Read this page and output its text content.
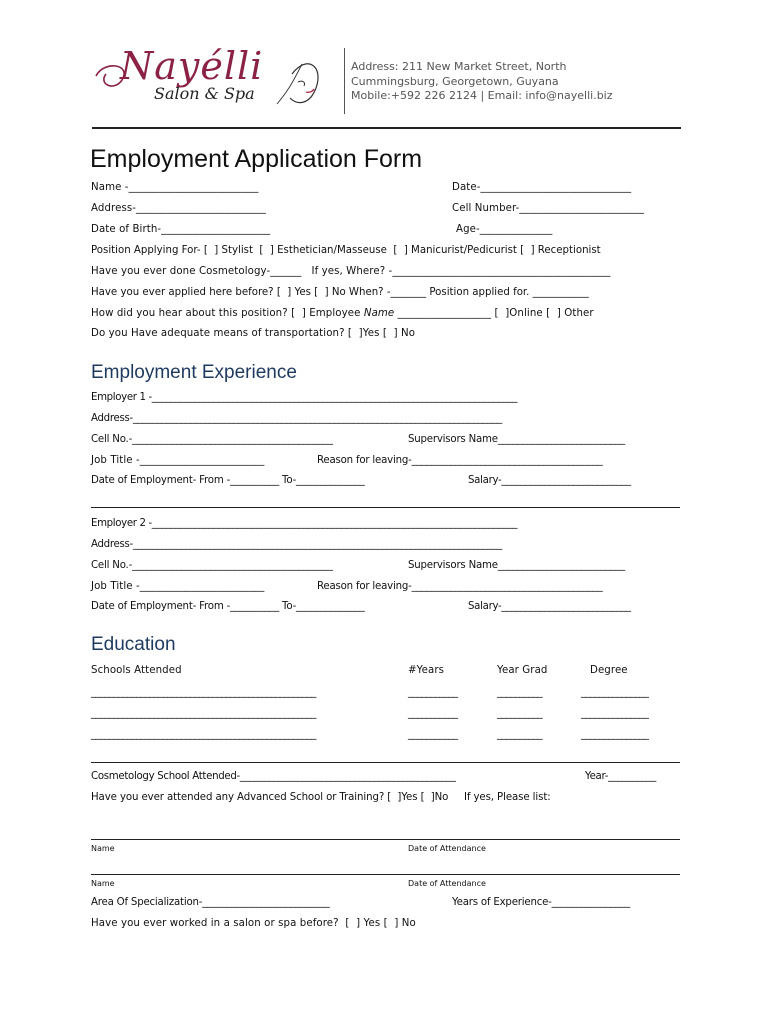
Nayélli
Salon & Spa
Address: 211 New Market Street, North
Cummingsburg, Georgetown, Guyana
Mobile:+592 226 2124 | Email: info@nayelli.biz
Employment Application Form
Name -_________________________	Date-_____________________________
Address-_________________________	Cell Number-________________________
Date of Birth-_____________________	Age-______________
Position Applying For- [  ] Stylist  [  ] Esthetician/Masseuse  [  ] Manicurist/Pedicurist [  ] Receptionist
Have you ever done Cosmetology-______   If yes, Where? -__________________________________________
Have you ever applied here before? [  ] Yes [  ] No When? -_______ Position applied for. ___________
How did you hear about this position? [  ] Employee Name __________________ [  ]Online [  ] Other
Do you Have adequate means of transportation? [  ]Yes [  ] No
Employment Experience
Employer 1 -_____________________________________________________________________________
Address-_____________________________________________________________________________
Cell No.-_________________________________________	Supervisors Name__________________________
Job Title -________________________	Reason for leaving-_______________________________________
Date of Employment- From -__________ To-______________	Salary-___________________________
Employer 2 -_____________________________________________________________________________
Address-_____________________________________________________________________________
Cell No.-_________________________________________	Supervisors Name__________________________
Job Title -________________________	Reason for leaving-_______________________________________
Date of Employment- From -__________ To-______________	Salary-___________________________
Education
Schools Attended	#Years	Year Grad	Degree
__________________________________________________	___________	__________	_______________
__________________________________________________	___________	__________	_______________
__________________________________________________	___________	__________	_______________
Cosmetology School Attended-_____________________________________________	Year-__________
Have you ever attended any Advanced School or Training? [  ]Yes [  ]No     If yes, Please list:
Name	Date of Attendance
Name	Date of Attendance
Area Of Specialization-__________________________	Years of Experience-________________
Have you ever worked in a salon or spa before?  [  ] Yes [  ] No
